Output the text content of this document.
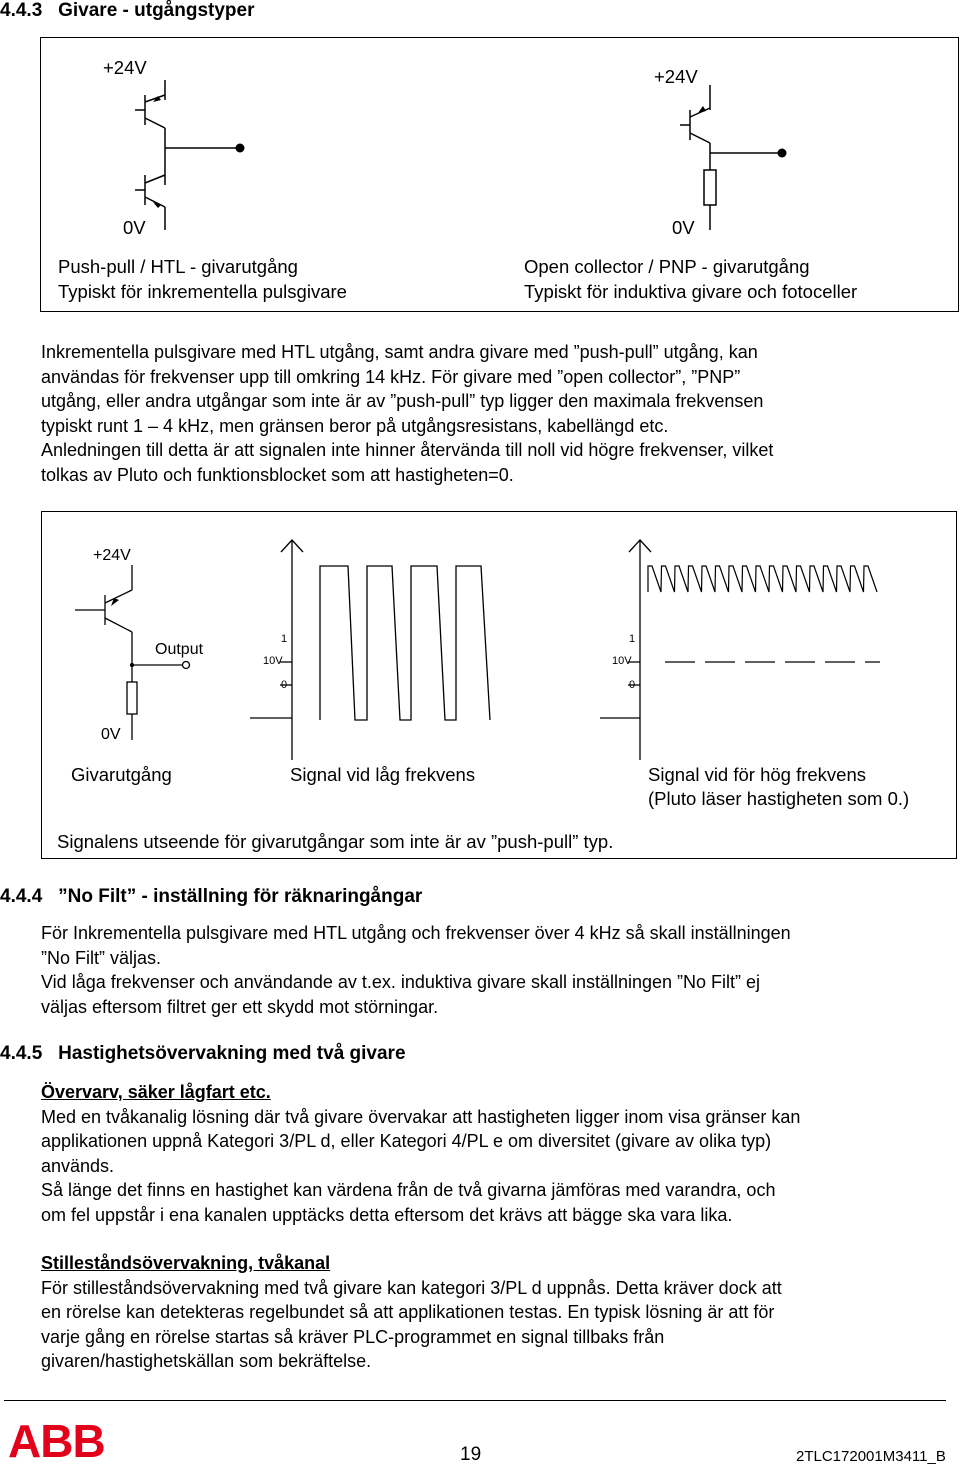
4.4.3 Givare - utgångstyper
+24V
0V
Push-pull / HTL - givarutgång
Typiskt för inkrementella pulsgivare
+24V
0V
Open collector / PNP - givarutgång
Typiskt för induktiva givare och fotoceller
Inkrementella pulsgivare med HTL utgång, samt andra givare med ”push-pull” utgång, kan
användas för frekvenser upp till omkring 14 kHz. För givare med ”open collector”, ”PNP”
utgång, eller andra utgångar som inte är av ”push-pull” typ ligger den maximala frekvensen
typiskt runt 1 – 4 kHz, men gränsen beror på utgångsresistans, kabellängd etc.
Anledningen till detta är att signalen inte hinner återvända till noll vid högre frekvenser, vilket
tolkas av Pluto och funktionsblocket som att hastigheten=0.
+24V
Output
0V
1
10V
0
1
10V
0
Givarutgång	Signal vid låg frekvens	Signal vid för hög frekvens
(Pluto läser hastigheten som 0.)
Signalens utseende för givarutgångar som inte är av ”push-pull” typ.
4.4.4 ”No Filt” - inställning för räknaringångar
För Inkrementella pulsgivare med HTL utgång och frekvenser över 4 kHz så skall inställningen
”No Filt” väljas.
Vid låga frekvenser och användande av t.ex. induktiva givare skall inställningen ”No Filt” ej
väljas eftersom filtret ger ett skydd mot störningar.
4.4.5 Hastighetsövervakning med två givare
Övervarv, säker lågfart etc.
Med en tvåkanalig lösning där två givare övervakar att hastigheten ligger inom visa gränser kan
applikationen uppnå Kategori 3/PL d, eller Kategori 4/PL e om diversitet (givare av olika typ)
används.
Så länge det finns en hastighet kan värdena från de två givarna jämföras med varandra, och
om fel uppstår i ena kanalen upptäcks detta eftersom det krävs att bägge ska vara lika.
Stilleståndsövervakning, tvåkanal
För stilleståndsövervakning med två givare kan kategori 3/PL d uppnås. Detta kräver dock att
en rörelse kan detekteras regelbundet så att applikationen testas. En typisk lösning är att för
varje gång en rörelse startas så kräver PLC-programmet en signal tillbaks från
givaren/hastighetskällan som bekräftelse.
ABB	19	2TLC172001M3411_B
